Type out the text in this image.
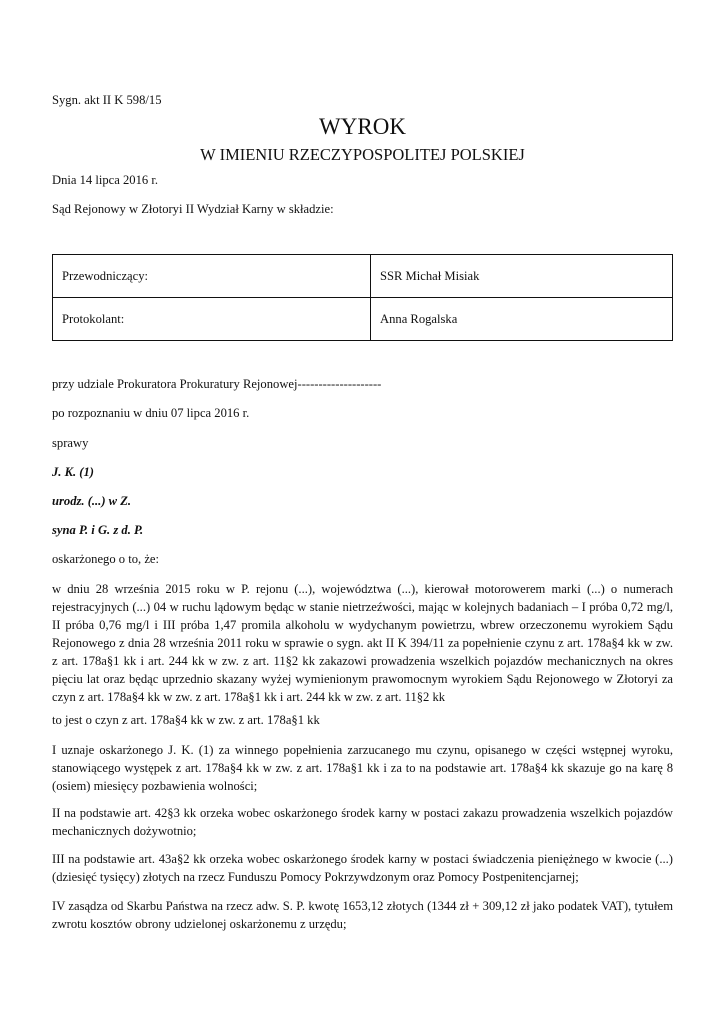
Sygn. akt II K 598/15
WYROK
W IMIENIU RZECZYPOSPOLITEJ POLSKIEJ
Dnia 14 lipca 2016 r.
Sąd Rejonowy w Złotoryi II Wydział Karny w składzie:
Przewodniczący:	SSR Michał Misiak
Protokolant:	Anna Rogalska
przy udziale Prokuratora Prokuratury Rejonowej--------------------
po rozpoznaniu w dniu 07 lipca 2016 r.
sprawy
J. K. (1)
urodz. (...) w Z.
syna P. i G. z d. P.
oskarżonego o to, że:
w dniu 28 września 2015 roku w P. rejonu (...), województwa (...), kierował motorowerem marki (...) o numerach rejestracyjnych (...) 04 w ruchu lądowym będąc w stanie nietrzeźwości, mając w kolejnych badaniach – I próba 0,72 mg/l, II próba 0,76 mg/l i III próba 1,47 promila alkoholu w wydychanym powietrzu, wbrew orzeczonemu wyrokiem Sądu Rejonowego z dnia 28 września 2011 roku w sprawie o sygn. akt II K 394/11 za popełnienie czynu z art. 178a§4 kk w zw. z art. 178a§1 kk i art. 244 kk w zw. z art. 11§2 kk zakazowi prowadzenia wszelkich pojazdów mechanicznych na okres pięciu lat oraz będąc uprzednio skazany wyżej wymienionym prawomocnym wyrokiem Sądu Rejonowego w Złotoryi za czyn z art. 178a§4 kk w zw. z art. 178a§1 kk i art. 244 kk w zw. z art. 11§2 kk
to jest o czyn z art. 178a§4 kk w zw. z art. 178a§1 kk
I uznaje oskarżonego J. K. (1) za winnego popełnienia zarzucanego mu czynu, opisanego w części wstępnej wyroku, stanowiącego występek z art. 178a§4 kk w zw. z art. 178a§1 kk i za to na podstawie art. 178a§4 kk skazuje go na karę 8 (osiem) miesięcy pozbawienia wolności;
II na podstawie art. 42§3 kk orzeka wobec oskarżonego środek karny w postaci zakazu prowadzenia wszelkich pojazdów mechanicznych dożywotnio;
III na podstawie art. 43a§2 kk orzeka wobec oskarżonego środek karny w postaci świadczenia pieniężnego w kwocie (...) (dziesięć tysięcy) złotych na rzecz Funduszu Pomocy Pokrzywdzonym oraz Pomocy Postpenitencjarnej;
IV zasądza od Skarbu Państwa na rzecz adw. S. P. kwotę 1653,12 złotych (1344 zł + 309,12 zł jako podatek VAT), tytułem zwrotu kosztów obrony udzielonej oskarżonemu z urzędu;
